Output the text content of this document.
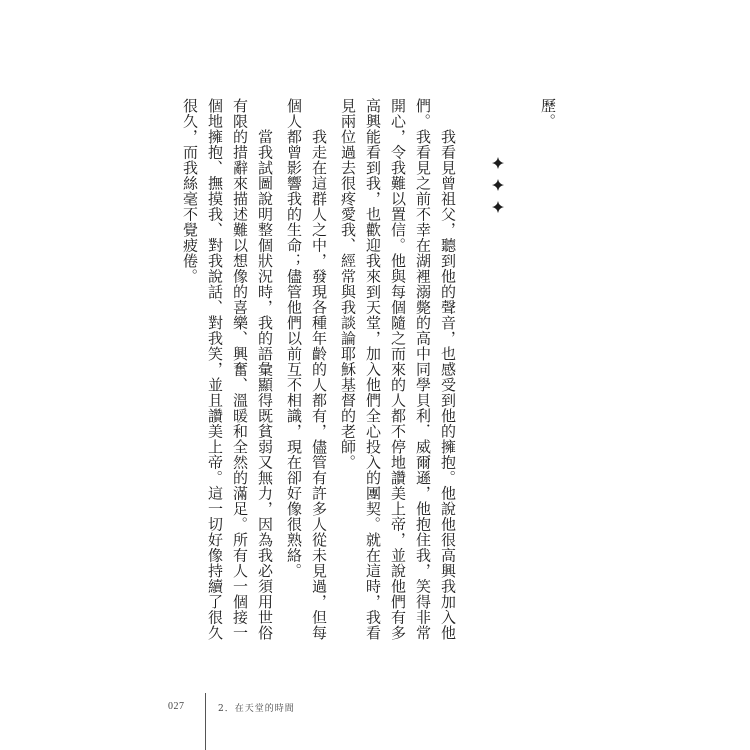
歷。
我看見曾祖父，聽到他的聲音，也感受到他的擁抱。他說他很高興我加入他
們。我看見之前不幸在湖裡溺斃的高中同學貝利．威爾遜，他抱住我，笑得非常
開心，令我難以置信。他與每個隨之而來的人都不停地讚美上帝，並說他們有多
高興能看到我，也歡迎我來到天堂，加入他們全心投入的團契。就在這時，我看
見兩位過去很疼愛我、經常與我談論耶穌基督的老師。
我走在這群人之中，發現各種年齡的人都有，儘管有許多人從未見過，但每
個人都曾影響我的生命；儘管他們以前互不相識，現在卻好像很熟絡。
當我試圖說明整個狀況時，我的語彙顯得既貧弱又無力，因為我必須用世俗
有限的措辭來描述難以想像的喜樂、興奮、溫暖和全然的滿足。所有人一個接一
個地擁抱、撫摸我、對我說話、對我笑，並且讚美上帝。這一切好像持續了很久
很久，而我絲毫不覺疲倦。
027	2．在天堂的時間
